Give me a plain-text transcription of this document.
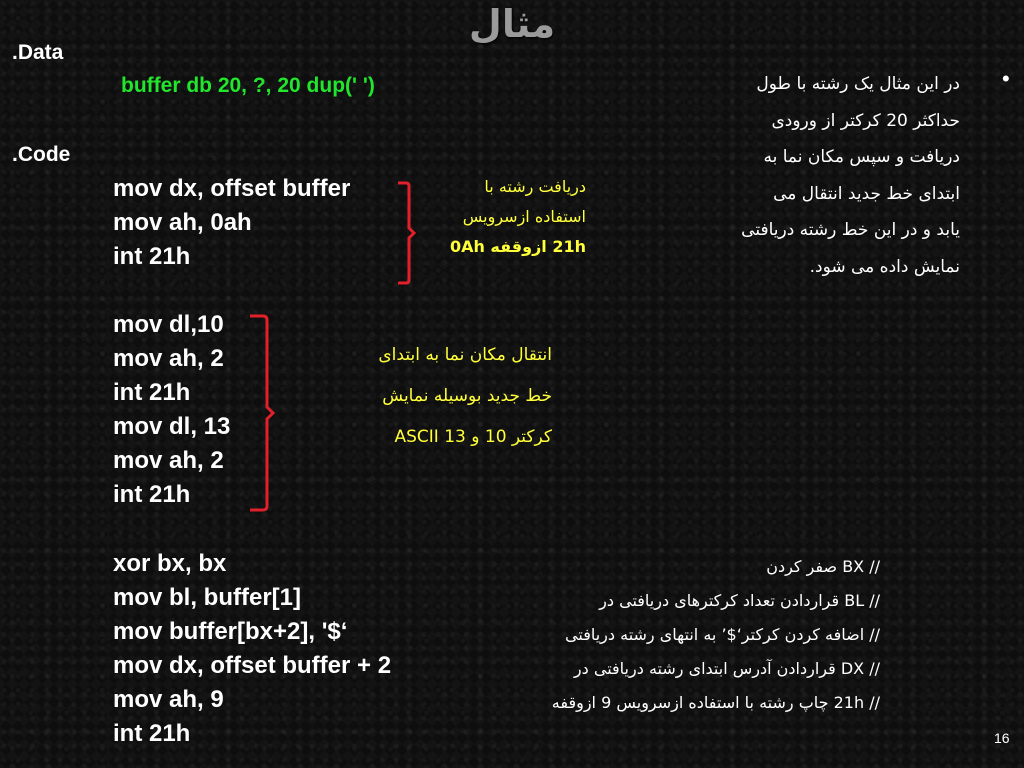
مثال
.Data
buffer db 20, ?, 20 dup(' ')
.Code
mov dx, offset buffer
mov ah, 0ah
int 21h
mov dl,10
mov ah, 2
int 21h
mov dl, 13
mov ah, 2
int 21h
xor bx, bx
mov bl, buffer[1]
mov buffer[bx+2], '$‘
mov dx, offset buffer + 2
mov ah, 9
int 21h
// BX صفر کردن
// BL قراردادن تعداد کرکترهای دریافتی در
// اضافه کردن کرکتر‘$’ به انتهای رشته دریافتی
// DX قراردادن آدرس ابتدای رشته دریافتی در
// 21h چاپ رشته با استفاده ازسرویس 9 ازوقفه
دریافت رشته با
استفاده ازسرویس
21h ازوقفه 0Ah
انتقال مکان نما به ابتدای
خط جدید بوسیله نمایش
کرکتر 10 و 13 ASCII
•
در این مثال یک رشته با طول
حداکثر 20 کرکتر از ورودی
دریافت و سپس مکان نما به
ابتدای خط جدید انتقال می
یابد و در این خط رشته دریافتی
نمایش داده می شود.
16
